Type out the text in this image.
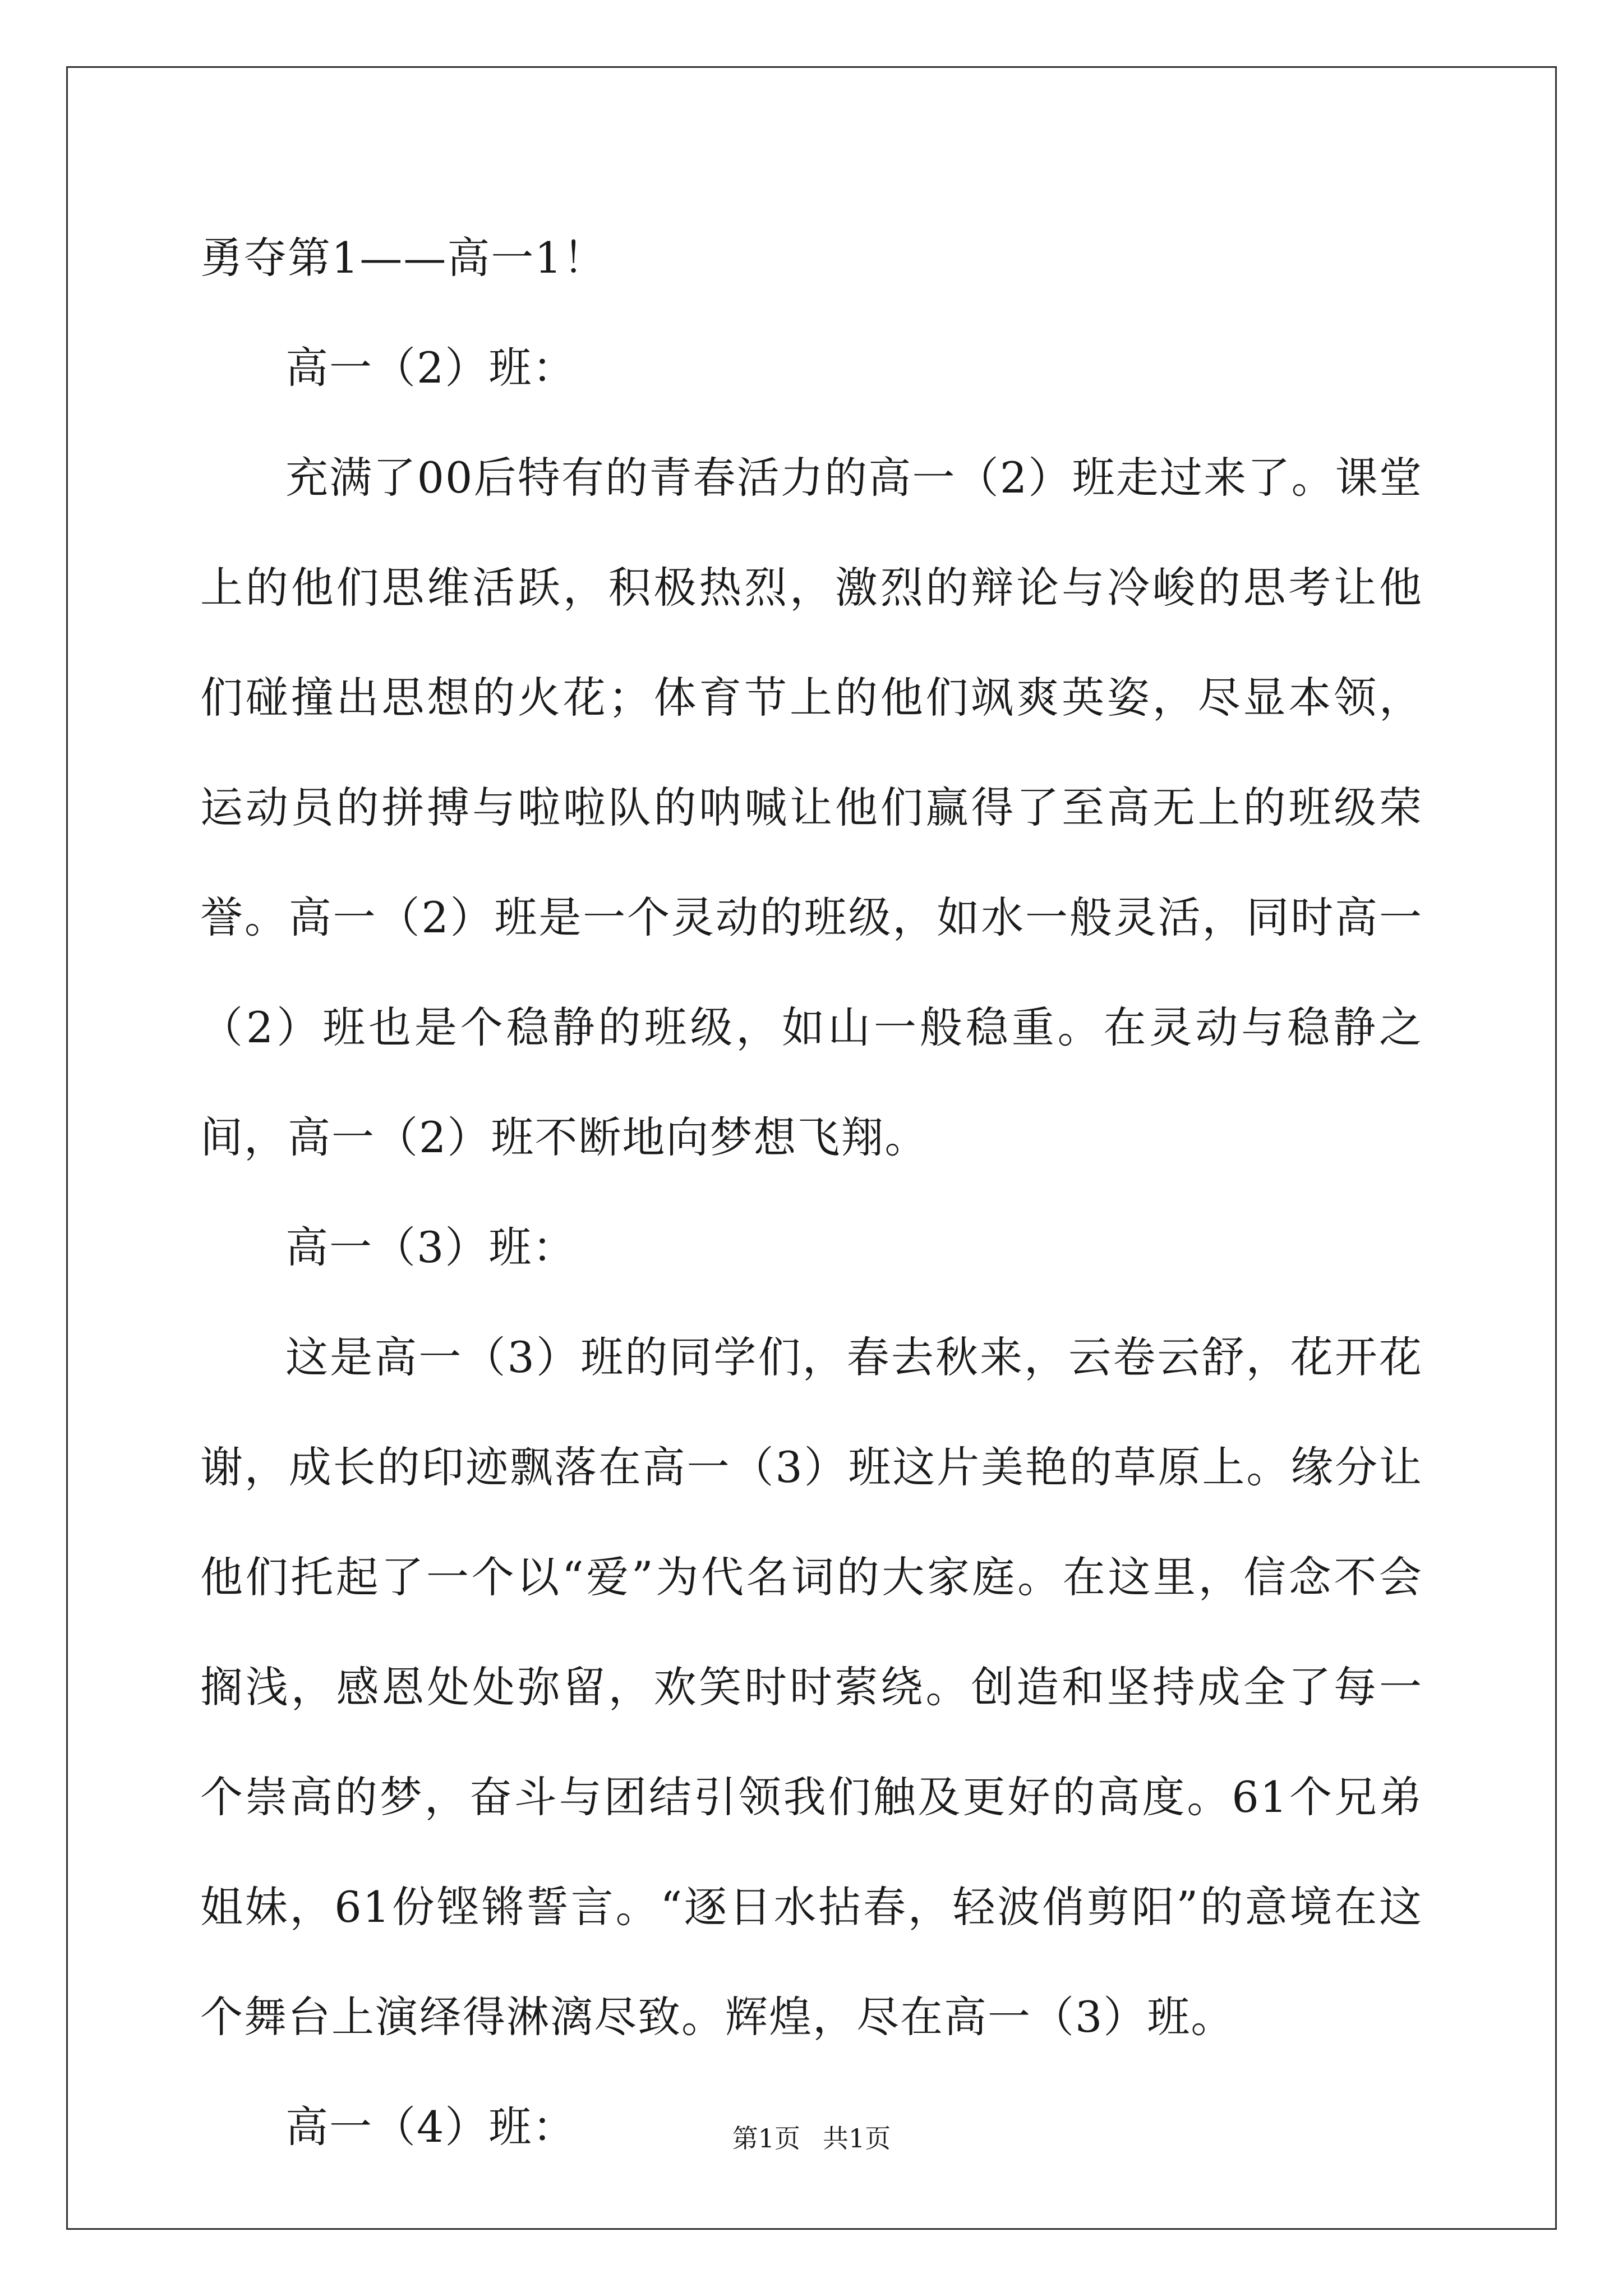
勇夺第1——高一1！

高一（2）班：

充满了00后特有的青春活力的高一（2）班走过来了。课堂上的他们思维活跃，积极热烈，激烈的辩论与冷峻的思考让他们碰撞出思想的火花；体育节上的他们飒爽英姿，尽显本领，运动员的拼搏与啦啦队的呐喊让他们赢得了至高无上的班级荣誉。高一（2）班是一个灵动的班级，如水一般灵活，同时高一（2）班也是个稳静的班级，如山一般稳重。在灵动与稳静之间，高一（2）班不断地向梦想飞翔。

高一（3）班：

这是高一（3）班的同学们，春去秋来，云卷云舒，花开花谢，成长的印迹飘落在高一（3）班这片美艳的草原上。缘分让他们托起了一个以“爱”为代名词的大家庭。在这里，信念不会搁浅，感恩处处弥留，欢笑时时萦绕。创造和坚持成全了每一个崇高的梦，奋斗与团结引领我们触及更好的高度。61个兄弟姐妹，61份铿锵誓言。“逐日水拈春，轻波俏剪阳”的意境在这个舞台上演绎得淋漓尽致。辉煌，尽在高一（3）班。

高一（4）班：	第1页 共1页
